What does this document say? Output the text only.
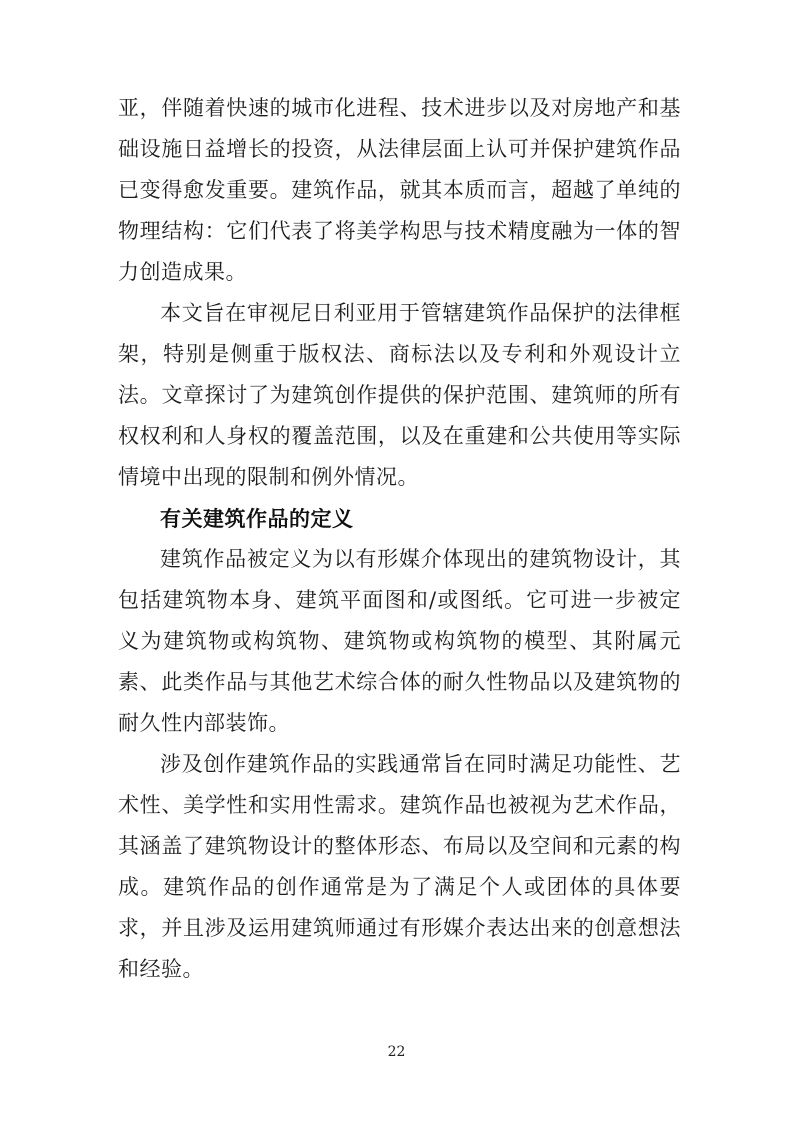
亚，伴随着快速的城市化进程、技术进步以及对房地产和基础设施日益增长的投资，从法律层面上认可并保护建筑作品已变得愈发重要。建筑作品，就其本质而言，超越了单纯的物理结构：它们代表了将美学构思与技术精度融为一体的智力创造成果。

本文旨在审视尼日利亚用于管辖建筑作品保护的法律框架，特别是侧重于版权法、商标法以及专利和外观设计立法。文章探讨了为建筑创作提供的保护范围、建筑师的所有权权利和人身权的覆盖范围，以及在重建和公共使用等实际情境中出现的限制和例外情况。

有关建筑作品的定义

建筑作品被定义为以有形媒介体现出的建筑物设计，其包括建筑物本身、建筑平面图和/或图纸。它可进一步被定义为建筑物或构筑物、建筑物或构筑物的模型、其附属元素、此类作品与其他艺术综合体的耐久性物品以及建筑物的耐久性内部装饰。

涉及创作建筑作品的实践通常旨在同时满足功能性、艺术性、美学性和实用性需求。建筑作品也被视为艺术作品，其涵盖了建筑物设计的整体形态、布局以及空间和元素的构成。建筑作品的创作通常是为了满足个人或团体的具体要求，并且涉及运用建筑师通过有形媒介表达出来的创意想法和经验。

22
